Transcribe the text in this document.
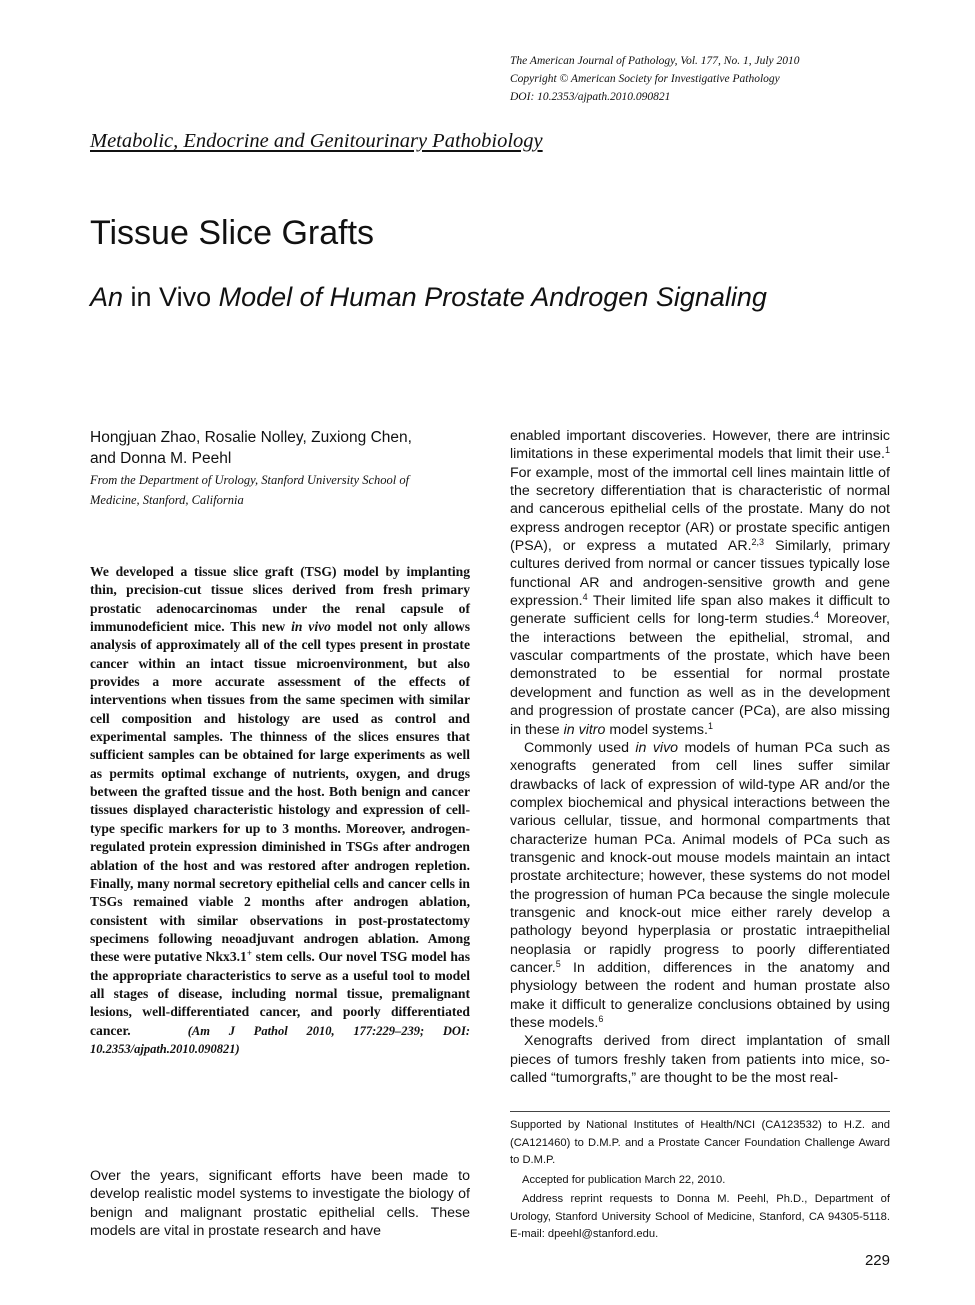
The American Journal of Pathology, Vol. 177, No. 1, July 2010
Copyright © American Society for Investigative Pathology
DOI: 10.2353/ajpath.2010.090821
Metabolic, Endocrine and Genitourinary Pathobiology
Tissue Slice Grafts
An in Vivo Model of Human Prostate Androgen Signaling
Hongjuan Zhao, Rosalie Nolley, Zuxiong Chen,
and Donna M. Peehl
From the Department of Urology, Stanford University School of
Medicine, Stanford, California
We developed a tissue slice graft (TSG) model by implanting thin, precision-cut tissue slices derived from fresh primary prostatic adenocarcinomas under the renal capsule of immunodeficient mice. This new in vivo model not only allows analysis of approximately all of the cell types present in prostate cancer within an intact tissue microenvironment, but also provides a more accurate assessment of the effects of interventions when tissues from the same specimen with similar cell composition and histology are used as control and experimental samples. The thinness of the slices ensures that sufficient samples can be obtained for large experiments as well as permits optimal exchange of nutrients, oxygen, and drugs between the grafted tissue and the host. Both benign and cancer tissues displayed characteristic histology and expression of cell-type specific markers for up to 3 months. Moreover, androgen-regulated protein expression diminished in TSGs after androgen ablation of the host and was restored after androgen repletion. Finally, many normal secretory epithelial cells and cancer cells in TSGs remained viable 2 months after androgen ablation, consistent with similar observations in post-prostatectomy specimens following neoadjuvant androgen ablation. Among these were putative Nkx3.1+ stem cells. Our novel TSG model has the appropriate characteristics to serve as a useful tool to model all stages of disease, including normal tissue, premalignant lesions, well-differentiated cancer, and poorly differentiated cancer.	(Am J Pathol 2010, 177:229–239; DOI: 10.2353/ajpath.2010.090821)
Over the years, significant efforts have been made to develop realistic model systems to investigate the biology of benign and malignant prostatic epithelial cells. These models are vital in prostate research and have

enabled important discoveries. However, there are intrinsic limitations in these experimental models that limit their use.$^1$ For example, most of the immortal cell lines maintain little of the secretory differentiation that is characteristic of normal and cancerous epithelial cells of the prostate. Many do not express androgen receptor (AR) or prostate specific antigen (PSA), or express a mutated AR.$^{2,3}$ Similarly, primary cultures derived from normal or cancer tissues typically lose functional AR and androgen-sensitive growth and gene expression.$^4$ Their limited life span also makes it difficult to generate sufficient cells for long-term studies.$^4$ Moreover, the interactions between the epithelial, stromal, and vascular compartments of the prostate, which have been demonstrated to be essential for normal prostate development and function as well as in the development and progression of prostate cancer (PCa), are also missing in these in vitro model systems.$^1$

Commonly used in vivo models of human PCa such as xenografts generated from cell lines suffer similar drawbacks of lack of expression of wild-type AR and/or the complex biochemical and physical interactions between the various cellular, tissue, and hormonal compartments that characterize human PCa. Animal models of PCa such as transgenic and knock-out mouse models maintain an intact prostate architecture; however, these systems do not model the progression of human PCa because the single molecule transgenic and knock-out mice either rarely develop a pathology beyond hyperplasia or prostatic intraepithelial neoplasia or rapidly progress to poorly differentiated cancer.$^5$ In addition, differences in the anatomy and physiology between the rodent and human prostate also make it difficult to generalize conclusions obtained by using these models.$^6$

Xenografts derived from direct implantation of small pieces of tumors freshly taken from patients into mice, so-called “tumorgrafts,” are thought to be the most real-

Supported by National Institutes of Health/NCI (CA123532) to H.Z. and (CA121460) to D.M.P. and a Prostate Cancer Foundation Challenge Award to D.M.P.

Accepted for publication March 22, 2010.

Address reprint requests to Donna M. Peehl, Ph.D., Department of Urology, Stanford University School of Medicine, Stanford, CA 94305-5118. E-mail: dpeehl@stanford.edu.

229
